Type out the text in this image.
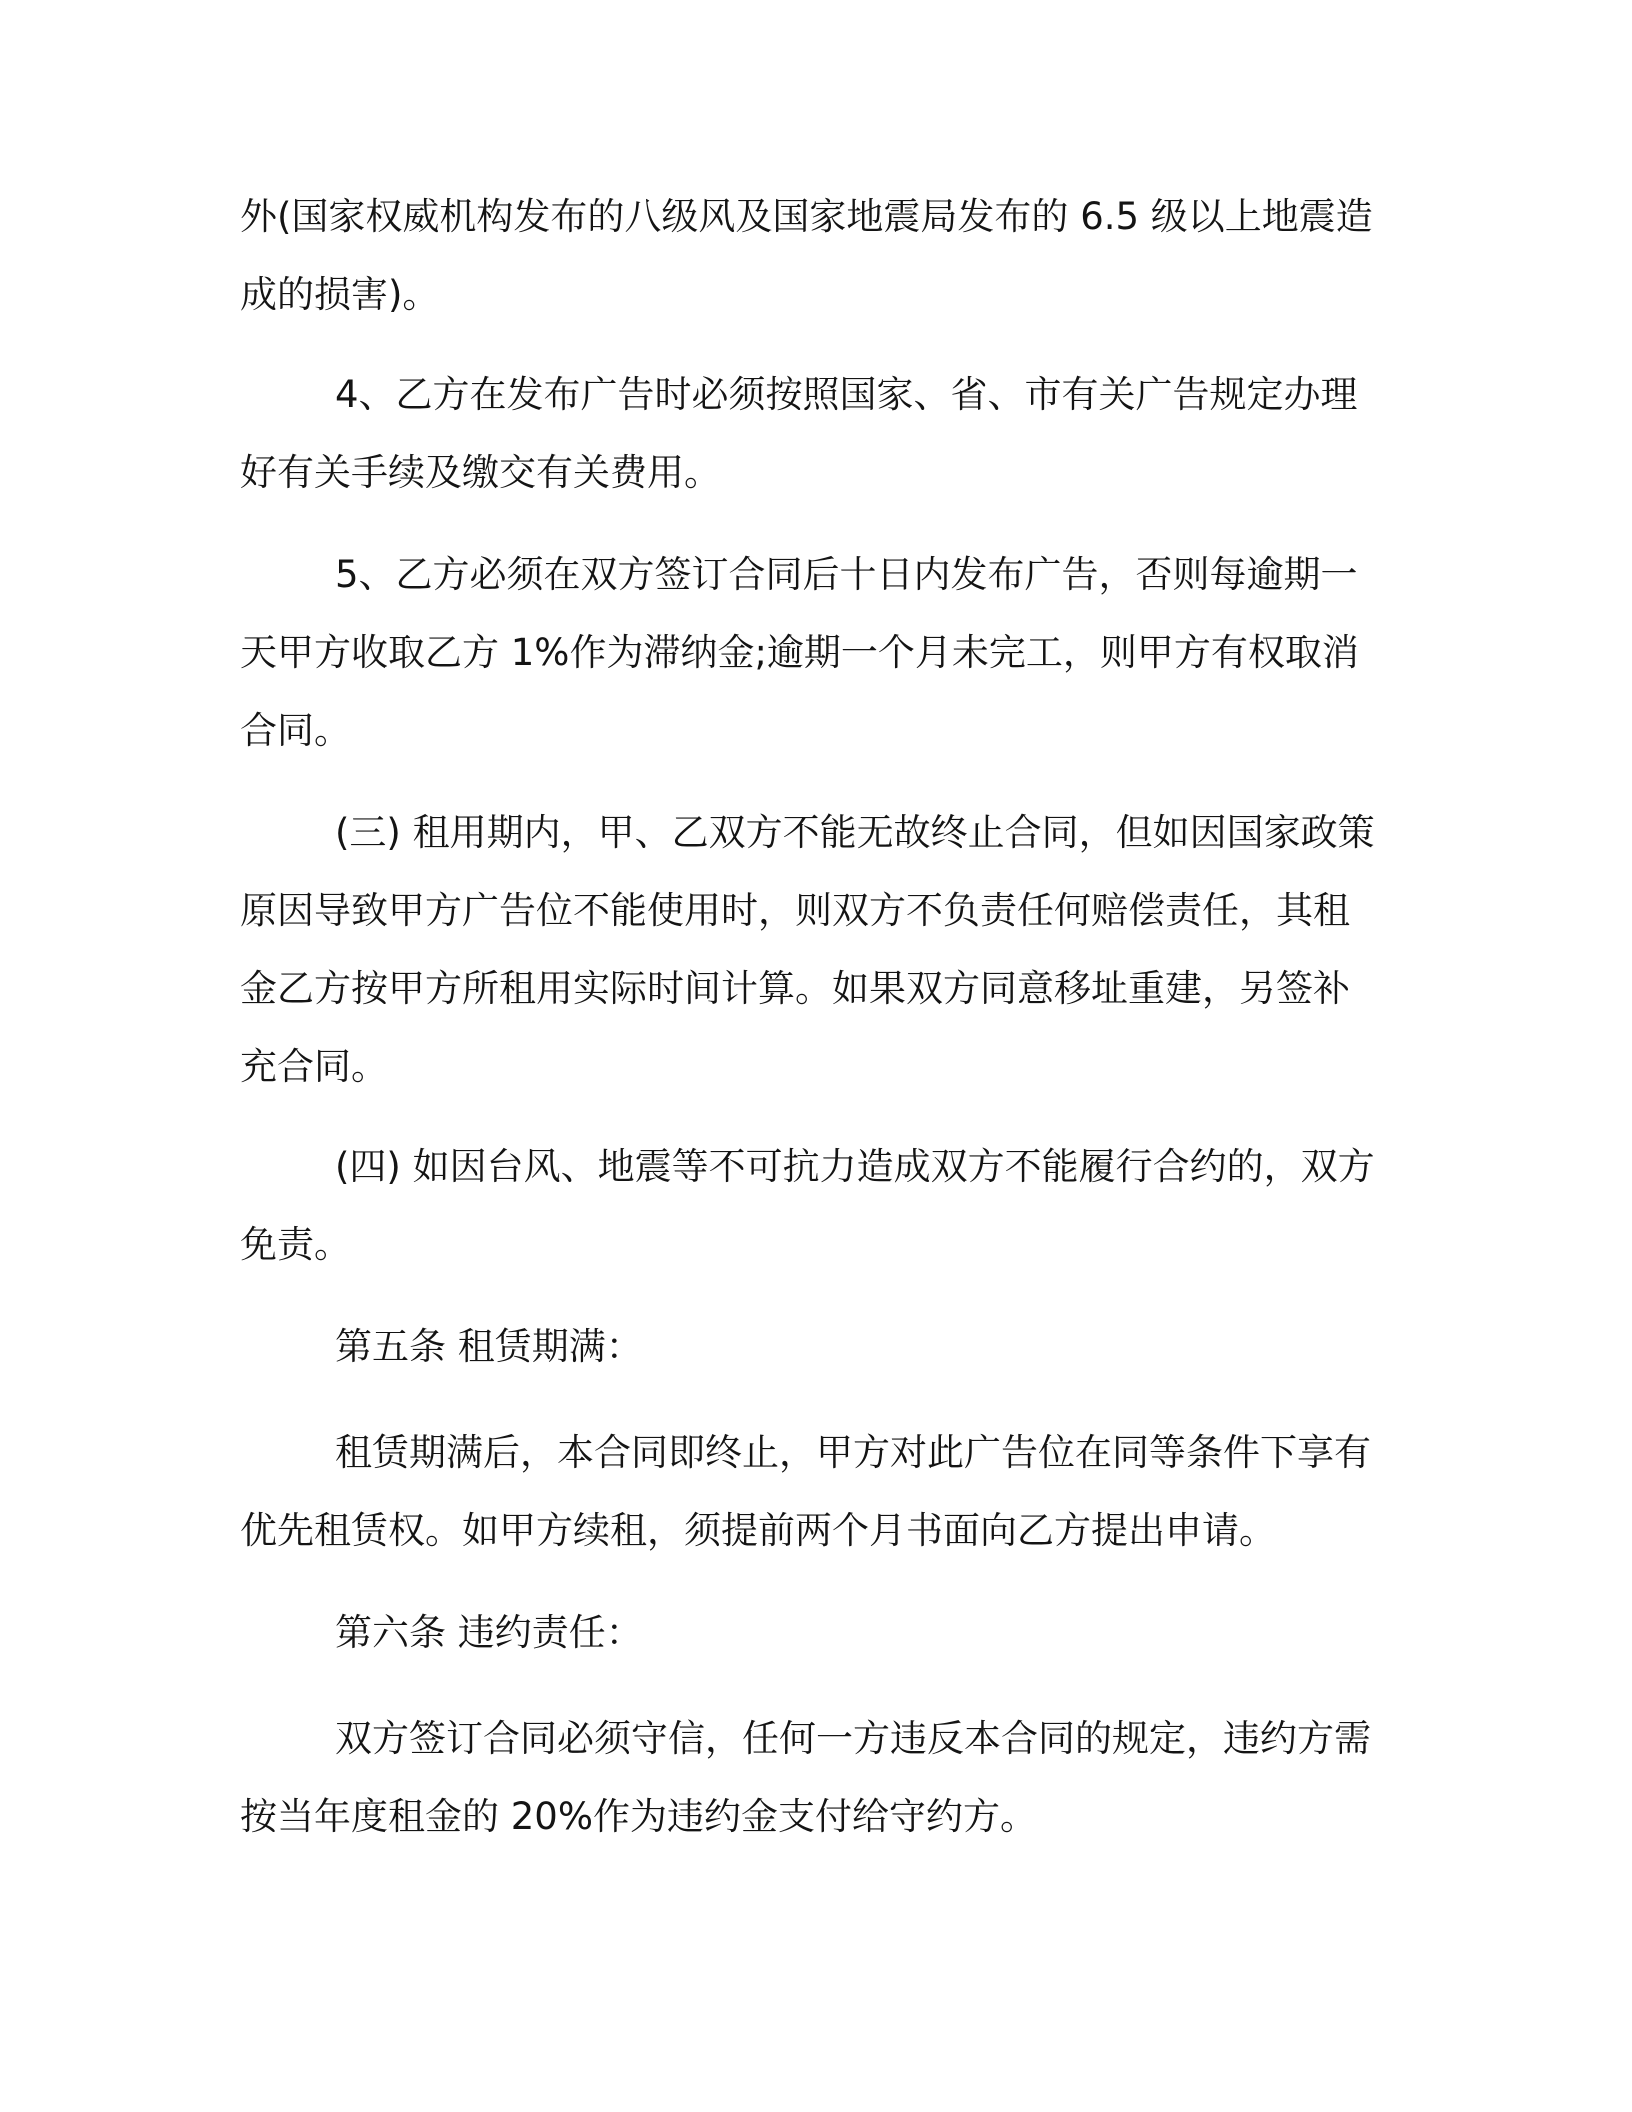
外(国家权威机构发布的八级风及国家地震局发布的 6.5 级以上地震造
成的损害)。
4、乙方在发布广告时必须按照国家、省、市有关广告规定办理
好有关手续及缴交有关费用。
5、乙方必须在双方签订合同后十日内发布广告，否则每逾期一
天甲方收取乙方 1%作为滞纳金;逾期一个月未完工，则甲方有权取消
合同。
(三) 租用期内，甲、乙双方不能无故终止合同，但如因国家政策
原因导致甲方广告位不能使用时，则双方不负责任何赔偿责任，其租
金乙方按甲方所租用实际时间计算。如果双方同意移址重建，另签补
充合同。
(四) 如因台风、地震等不可抗力造成双方不能履行合约的，双方
免责。
第五条 租赁期满：
租赁期满后，本合同即终止，甲方对此广告位在同等条件下享有
优先租赁权。如甲方续租，须提前两个月书面向乙方提出申请。
第六条 违约责任：
双方签订合同必须守信，任何一方违反本合同的规定，违约方需
按当年度租金的 20%作为违约金支付给守约方。
